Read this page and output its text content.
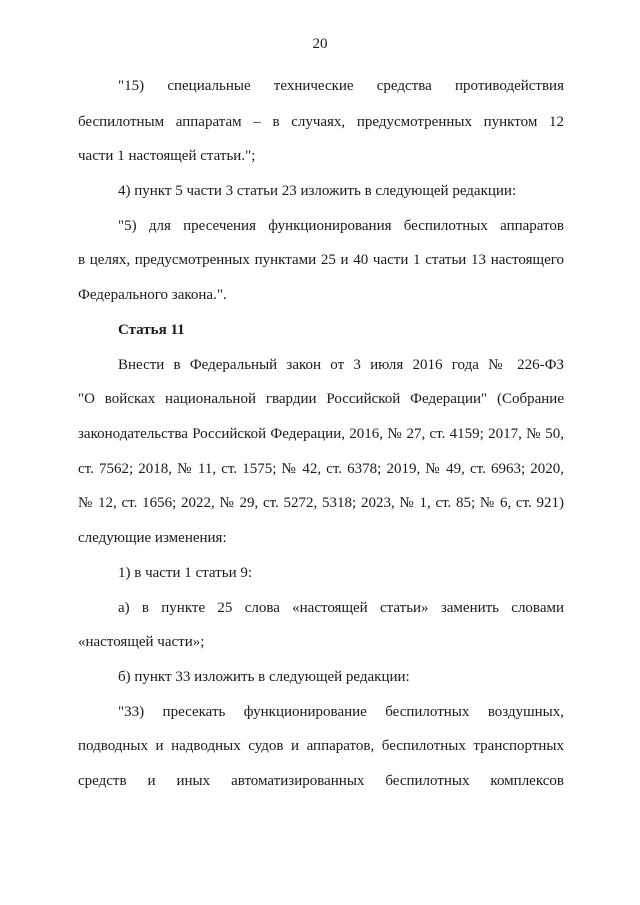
20
"15) специальные технические средства противодействия
беспилотным аппаратам – в случаях, предусмотренных пунктом 12
части 1 настоящей статьи.";
4) пункт 5 части 3 статьи 23 изложить в следующей редакции:
"5) для пресечения функционирования беспилотных аппаратов
в целях, предусмотренных пунктами 25 и 40 части 1 статьи 13 настоящего
Федерального закона.".
Статья 11
Внести в Федеральный закон от 3 июля 2016 года № 226-ФЗ
"О войсках национальной гвардии Российской Федерации" (Собрание
законодательства Российской Федерации, 2016, № 27, ст. 4159; 2017, № 50,
ст. 7562; 2018, № 11, ст. 1575; № 42, ст. 6378; 2019, № 49, ст. 6963; 2020,
№ 12, ст. 1656; 2022, № 29, ст. 5272, 5318; 2023, № 1, ст. 85; № 6, ст. 921)
следующие изменения:
1) в части 1 статьи 9:
а) в пункте 25 слова «настоящей статьи» заменить словами
«настоящей части»;
б) пункт 33 изложить в следующей редакции:
"33) пресекать функционирование беспилотных воздушных,
подводных и надводных судов и аппаратов, беспилотных транспортных
средств и иных автоматизированных беспилотных комплексов
